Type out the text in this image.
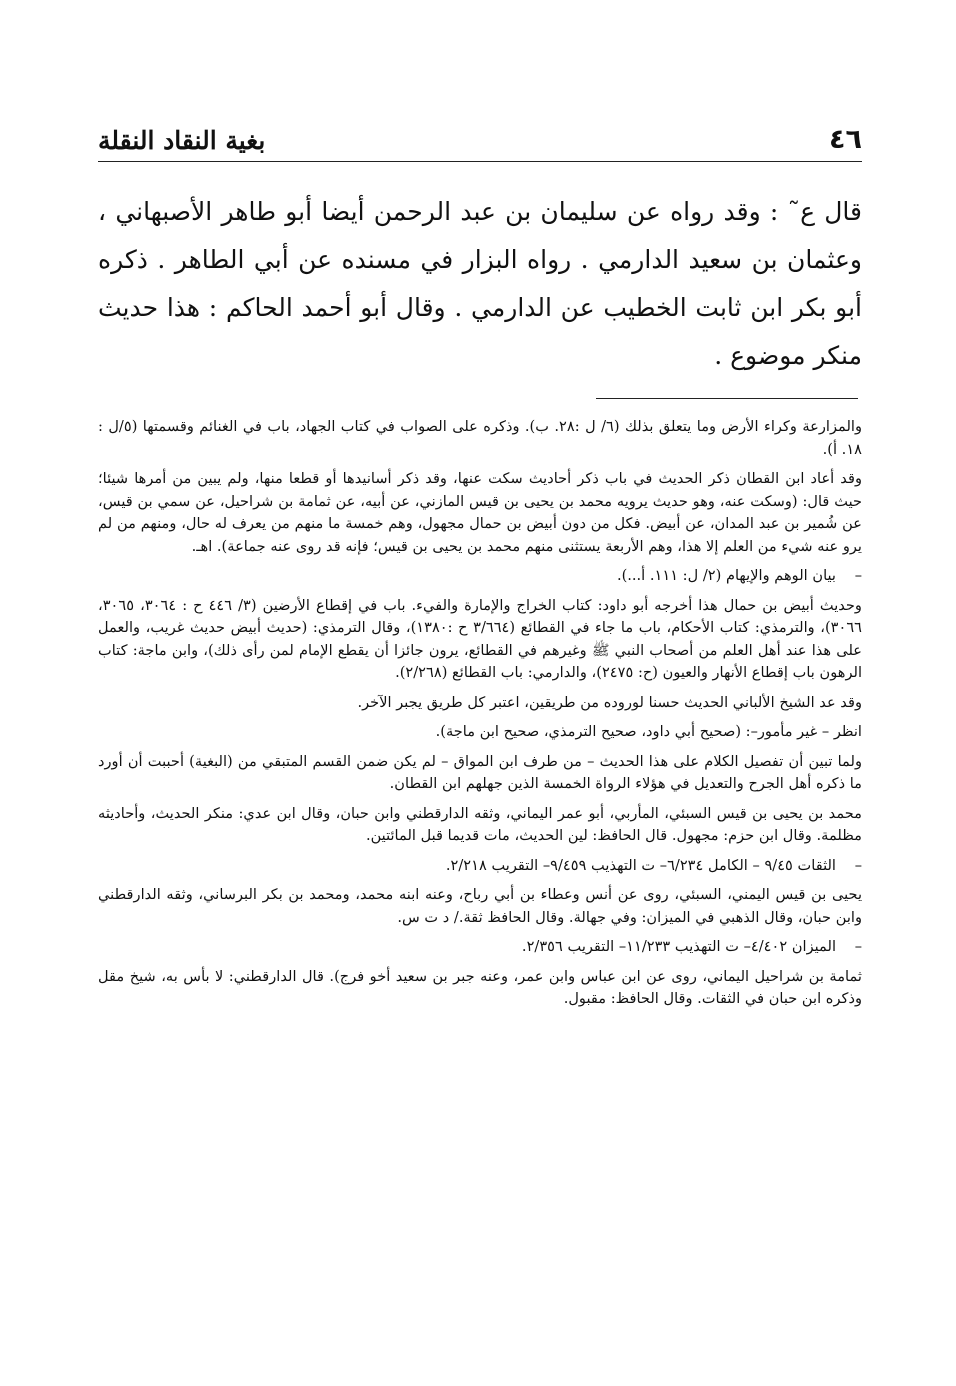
٤٦
بغية النقاد النقلة

قال ع˜ : وقد رواه عن سليمان بن عبد الرحمن أيضا أبو طاهر الأصبهاني ، وعثمان بن سعيد الدارمي . رواه البزار في مسنده عن أبي الطاهر . ذكره أبو بكر ابن ثابت الخطيب عن الدارمي . وقال أبو أحمد الحاكم : هذا حديث منكر موضوع .

والمزارعة وكراء الأرض وما يتعلق بذلك (٦/ ل :٢٨. ب). وذكره على الصواب في كتاب الجهاد، باب في الغنائم وقسمتها (٥/ل : ١٨. أ).

وقد أعاد ابن القطان ذكر الحديث في باب ذكر أحاديث سكت عنها، وقد ذكر أسانيدها أو قطعا منها، ولم يبين من أمرها شيئا؛ حيث قال: (وسكت عنه، وهو حديث يرويه محمد بن يحيى بن قيس المازني، عن أبيه، عن ثمامة بن شراحيل، عن سمي بن قيس، عن شُمير بن عبد المدان، عن أبيض. فكل من دون أبيض بن حمال مجهول، وهم خمسة ما منهم من يعرف له حال، ومنهم من لم يرو عنه شيء من العلم إلا هذا، وهم الأربعة يستثنى منهم محمد بن يحيى بن قيس؛ فإنه قد روى عنه جماعة). اهـ.

–
بيان الوهم والإيهام (٢/ ل: ١١١. أ...).

وحديث أبيض بن حمال هذا أخرجه أبو داود: كتاب الخراج والإمارة والفيء. باب في إقطاع الأرضين (٣/ ٤٤٦ ح : ٣٠٦٤، ٣٠٦٥، ٣٠٦٦)، والترمذي: كتاب الأحكام، باب ما جاء في القطائع (٣/٦٦٤ ح :١٣٨٠)، وقال الترمذي: (حديث أبيض حديث غريب، والعمل على هذا عند أهل العلم من أصحاب النبي ﷺ وغيرهم في القطائع، يرون جائزا أن يقطع الإمام لمن رأى ذلك)، وابن ماجة: كتاب الرهون باب إقطاع الأنهار والعيون (ح: ٢٤٧٥)، والدارمي: باب القطائع (٢/٢٦٨).

وقد عد الشيخ الألباني الحديث حسنا لوروده من طريقين، اعتبر كل طريق يجبر الآخر.

انظر – غير مأمور–: (صحيح أبي داود، صحيح الترمذي، صحيح ابن ماجة).

ولما تبين أن تفصيل الكلام على هذا الحديث – من طرف ابن المواق – لم يكن ضمن القسم المتبقي من (البغية) أحببت أن أورد ما ذكره أهل الجرح والتعديل في هؤلاء الرواة الخمسة الذين جهلهم ابن القطان.

محمد بن يحيى بن قيس السبئي، المأربي، أبو عمر اليماني، وثقه الدارقطني وابن حبان، وقال ابن عدي: منكر الحديث، وأحاديثه مظلمة. وقال ابن حزم: مجهول. قال الحافظ: لين الحديث، مات قديما قبل المائتين.

–
الثقات ٩/٤٥ – الكامل ٦/٢٣٤– ت التهذيب ٩/٤٥٩– التقريب ٢/٢١٨.

يحيى بن قيس اليمني، السبئي، روى عن أنس وعطاء بن أبي رباح، وعنه ابنه محمد، ومحمد بن بكر البرساني، وثقه الدارقطني وابن حبان، وقال الذهبي في الميزان: وفي جهالة. وقال الحافظ ثقة./ د ت س.

–
الميزان ٤/٤٠٢– ت التهذيب ١١/٢٣٣– التقريب ٢/٣٥٦.

ثمامة بن شراحيل اليماني، روى عن ابن عباس وابن عمر، وعنه جبر بن سعيد أخو فرج). قال الدارقطني: لا بأس به، شيخ مقل وذكره ابن حبان في الثقات. وقال الحافظ: مقبول.
